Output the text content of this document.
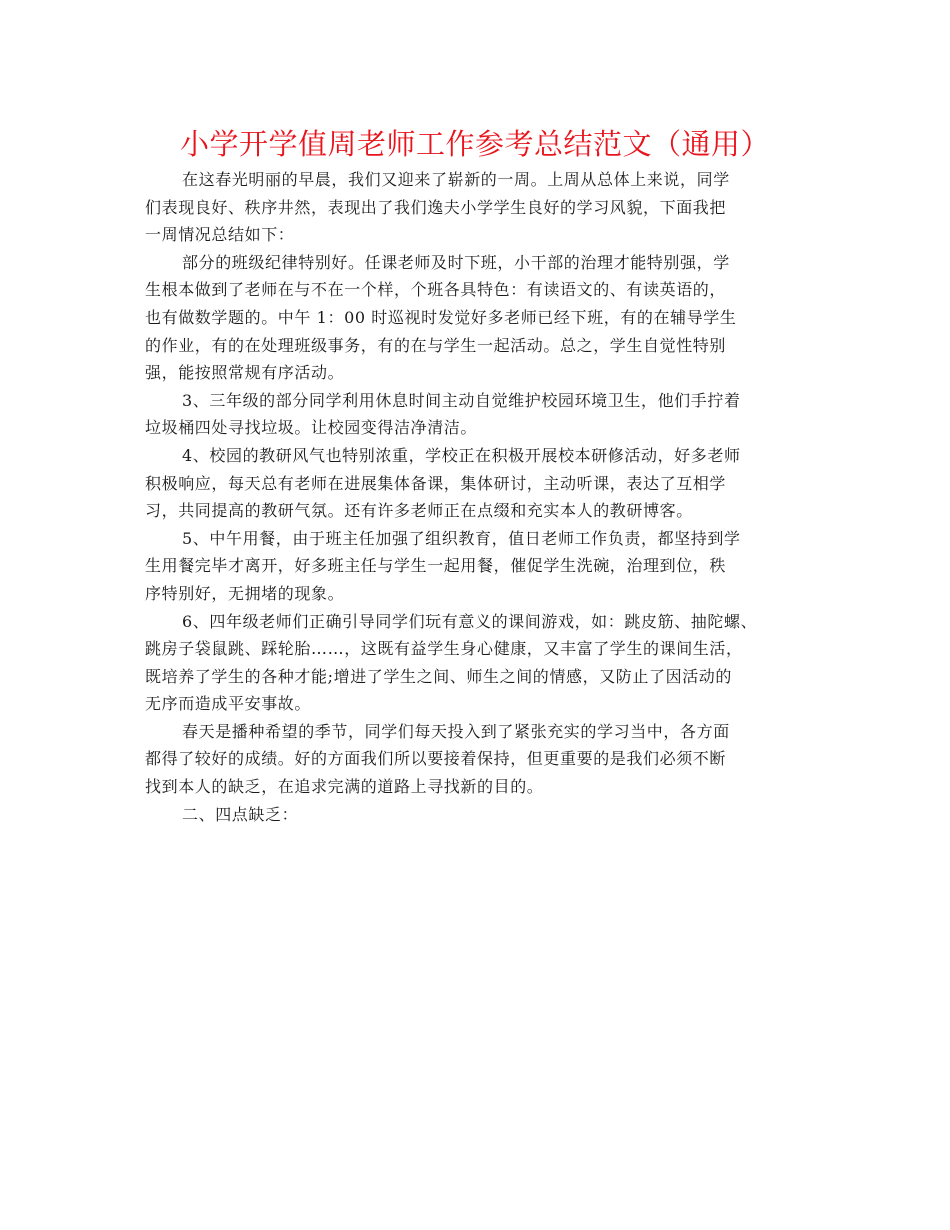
小学开学值周老师工作参考总结范文（通用）

在这春光明丽的早晨，我们又迎来了崭新的一周。上周从总体上来说，同学
们表现良好、秩序井然，表现出了我们逸夫小学学生良好的学习风貌，下面我把
一周情况总结如下：

部分的班级纪律特别好。任课老师及时下班，小干部的治理才能特别强，学
生根本做到了老师在与不在一个样，个班各具特色：有读语文的、有读英语的，
也有做数学题的。中午 1：00 时巡视时发觉好多老师已经下班，有的在辅导学生
的作业，有的在处理班级事务，有的在与学生一起活动。总之，学生自觉性特别
强，能按照常规有序活动。

3、三年级的部分同学利用休息时间主动自觉维护校园环境卫生，他们手拧着
垃圾桶四处寻找垃圾。让校园变得洁净清洁。

4、校园的教研风气也特别浓重，学校正在积极开展校本研修活动，好多老师
积极响应，每天总有老师在进展集体备课，集体研讨，主动听课，表达了互相学
习，共同提高的教研气氛。还有许多老师正在点缀和充实本人的教研博客。

5、中午用餐，由于班主任加强了组织教育，值日老师工作负责，都坚持到学
生用餐完毕才离开，好多班主任与学生一起用餐，催促学生洗碗，治理到位，秩
序特别好，无拥堵的现象。

6、四年级老师们正确引导同学们玩有意义的课间游戏，如：跳皮筋、抽陀螺、
跳房子袋鼠跳、踩轮胎……，这既有益学生身心健康，又丰富了学生的课间生活，
既培养了学生的各种才能;增进了学生之间、师生之间的情感，又防止了因活动的
无序而造成平安事故。

春天是播种希望的季节，同学们每天投入到了紧张充实的学习当中，各方面
都得了较好的成绩。好的方面我们所以要接着保持，但更重要的是我们必须不断
找到本人的缺乏，在追求完满的道路上寻找新的目的。

二、四点缺乏：
